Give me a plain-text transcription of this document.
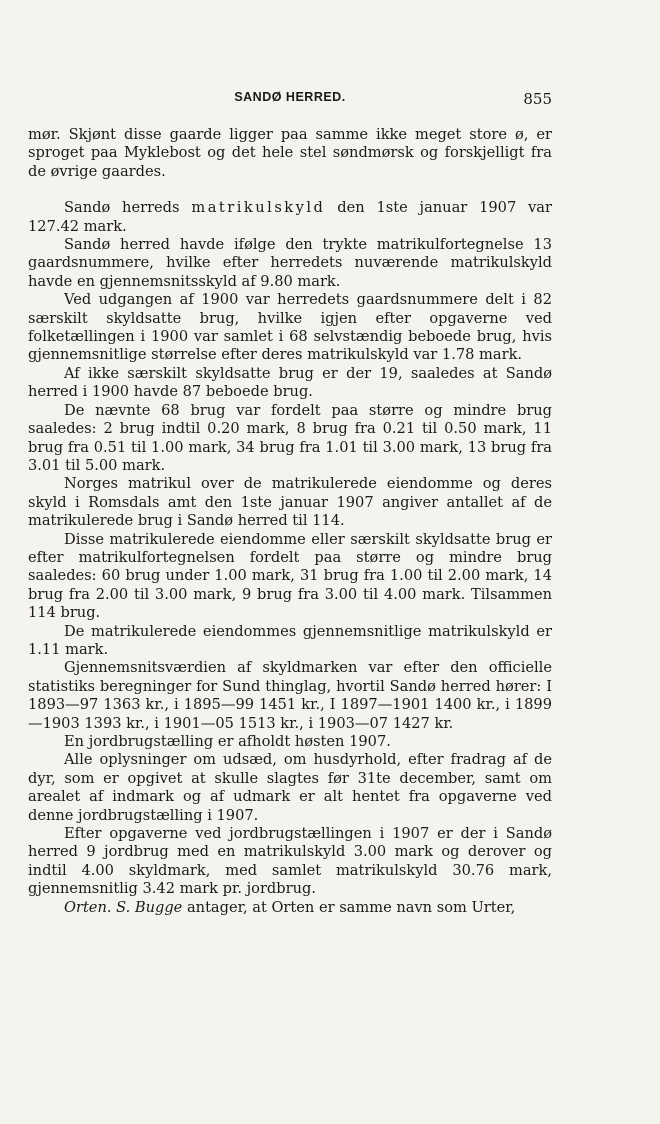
SANDØ HERRED.	855

mør. Skjønt disse gaarde ligger paa samme ikke meget store ø, er sproget paa Myklebost og det hele stel søndmørsk og forskjelligt fra de øvrige gaardes.

Sandø herreds matrikulskyld den 1ste januar 1907 var 127.42 mark.

Sandø herred havde ifølge den trykte matrikulfortegnelse 13 gaardsnummere, hvilke efter herredets nuværende matrikulskyld havde en gjennemsnitsskyld af 9.80 mark.

Ved udgangen af 1900 var herredets gaardsnummere delt i 82 særskilt skyldsatte brug, hvilke igjen efter opgaverne ved folketællingen i 1900 var samlet i 68 selvstændig beboede brug, hvis gjennemsnitlige størrelse efter deres matrikulskyld var 1.78 mark.

Af ikke særskilt skyldsatte brug er der 19, saaledes at Sandø herred i 1900 havde 87 beboede brug.

De nævnte 68 brug var fordelt paa større og mindre brug saaledes: 2 brug indtil 0.20 mark, 8 brug fra 0.21 til 0.50 mark, 11 brug fra 0.51 til 1.00 mark, 34 brug fra 1.01 til 3.00 mark, 13 brug fra 3.01 til 5.00 mark.

Norges matrikul over de matrikulerede eiendomme og deres skyld i Romsdals amt den 1ste januar 1907 angiver antallet af de matrikulerede brug i Sandø herred til 114.

Disse matrikulerede eiendomme eller særskilt skyldsatte brug er efter matrikulfortegnelsen fordelt paa større og mindre brug saaledes: 60 brug under 1.00 mark, 31 brug fra 1.00 til 2.00 mark, 14 brug fra 2.00 til 3.00 mark, 9 brug fra 3.00 til 4.00 mark. Tilsammen 114 brug.

De matrikulerede eiendommes gjennemsnitlige matrikulskyld er 1.11 mark.

Gjennemsnitsværdien af skyldmarken var efter den officielle statistiks beregninger for Sund thinglag, hvortil Sandø herred hører: I 1893—97 1363 kr., i 1895—99 1451 kr., I 1897—1901 1400 kr., i 1899—1903 1393 kr., i 1901—05 1513 kr., i 1903—07 1427 kr.

En jordbrugstælling er afholdt høsten 1907.

Alle oplysninger om udsæd, om husdyrhold, efter fradrag af de dyr, som er opgivet at skulle slagtes før 31te december, samt om arealet af indmark og af udmark er alt hentet fra opgaverne ved denne jordbrugstælling i 1907.

Efter opgaverne ved jordbrugstællingen i 1907 er der i Sandø herred 9 jordbrug med en matrikulskyld 3.00 mark og derover og indtil 4.00 skyldmark, med samlet matrikulskyld 30.76 mark, gjennemsnitlig 3.42 mark pr. jordbrug.

Orten. S. Bugge antager, at Orten er samme navn som Urter,
